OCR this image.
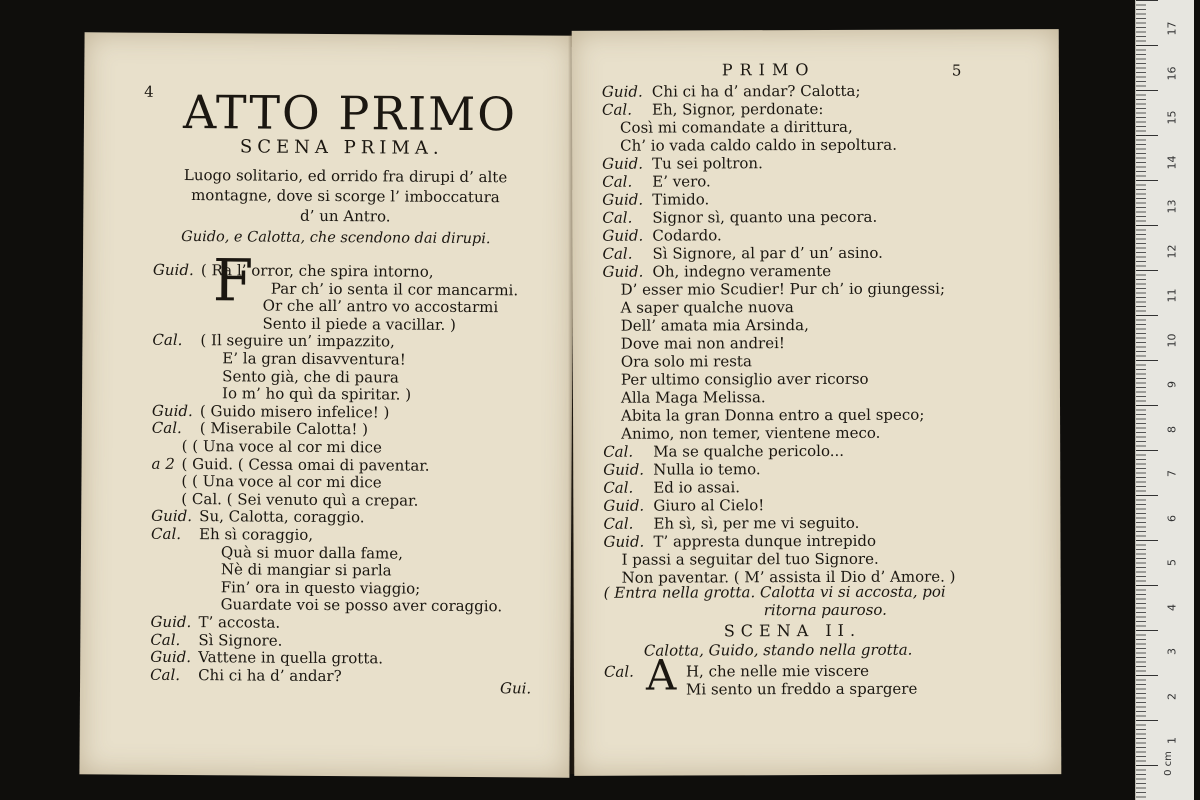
4 ATTO PRIMO
SCENA PRIMA.
Luogo solitario, ed orrido fra dirupi d’ alte
montagne, dove si scorge l’ imboccatura
d’ un Antro.
Guido, e Calotta, che scendono dai dirupi.
F
Guid. ( Ra l’ orror, che spira intorno,
Par ch’ io senta il cor mancarmi.
Or che all’ antro vo accostarmi
Sento il piede a vacillar. )
Cal. ( Il seguire un’ impazzito,
E’ la gran disavventura!
Sento già, che di paura
Io m’ ho quì da spiritar. )
Guid. ( Guido misero infelice! )
Cal. ( Miserabile Calotta! )
( ( Una voce al cor mi dice
a 2 ( Guid. ( Cessa omai di paventar.
( ( Una voce al cor mi dice
( Cal. ( Sei venuto quì a crepar.
Guid. Su, Calotta, coraggio.
Cal. Eh sì coraggio,
Quà si muor dalla fame,
Nè di mangiar si parla
Fin’ ora in questo viaggio;
Guardate voi se posso aver coraggio.
Guid. T’ accosta.
Cal. Sì Signore.
Guid. Vattene in quella grotta.
Cal. Chi ci ha d’ andar?
Gui.
PRIMO	5
Guid. Chi ci ha d’ andar? Calotta;
Cal. Eh, Signor, perdonate:
Così mi comandate a dirittura,
Ch’ io vada caldo caldo in sepoltura.
Guid. Tu sei poltron.
Cal. E’ vero.
Guid. Timido.
Cal. Signor sì, quanto una pecora.
Guid. Codardo.
Cal. Sì Signore, al par d’ un’ asino.
Guid. Oh, indegno veramente
D’ esser mio Scudier! Pur ch’ io giungessi;
A saper qualche nuova
Dell’ amata mia Arsinda,
Dove mai non andrei!
Ora solo mi resta
Per ultimo consiglio aver ricorso
Alla Maga Melissa.
Abita la gran Donna entro a quel speco;
Animo, non temer, vientene meco.
Cal. Ma se qualche pericolo...
Guid. Nulla io temo.
Cal. Ed io assai.
Guid. Giuro al Cielo!
Cal. Eh sì, sì, per me vi seguito.
Guid. T’ appresta dunque intrepido
I passi a seguitar del tuo Signore.
Non paventar. ( M’ assista il Dio d’ Amore. )
( Entra nella grotta. Calotta vi si accosta, poi
ritorna pauroso.
SCENA II.
Calotta, Guido, stando nella grotta.
Cal. A H, che nelle mie viscere
Mi sento un freddo a spargere
17
16
15
14
13
12
11
10
9
8
7
6
5
4
3
2
1
0 cm
